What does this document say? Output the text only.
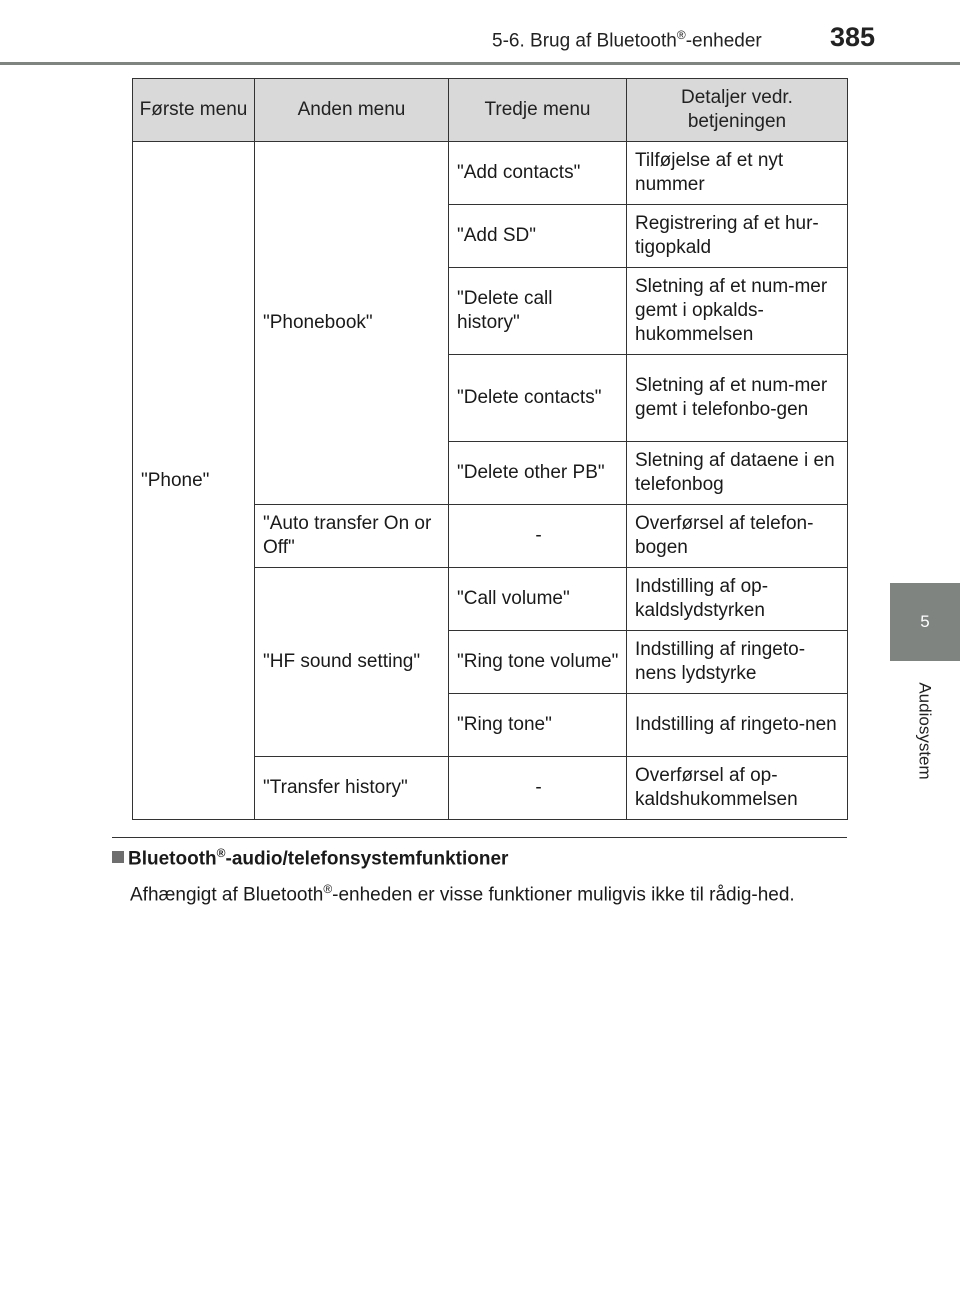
5-6. Brug af Bluetooth®-enheder	385
5
Audiosystem
Første menu	Anden menu	Tredje menu	Detaljer vedr. betjeningen
"Phone"	"Phonebook"	"Add contacts"	Tilføjelse af et nyt nummer
		"Add SD"	Registrering af et hur-tigopkald
		"Delete call history"	Sletning af et num-mer gemt i opkalds-hukommelsen
		"Delete contacts"	Sletning af et num-mer gemt i telefonbo-gen
		"Delete other PB"	Sletning af dataene i en telefonbog
	"Auto transfer On or Off"	-	Overførsel af telefon-bogen
	"HF sound setting"	"Call volume"	Indstilling af op-kaldslydstyrken
		"Ring tone volume"	Indstilling af ringeto-nens lydstyrke
		"Ring tone"	Indstilling af ringeto-nen
	"Transfer history"	-	Overførsel af op-kaldshukommelsen
Bluetooth®-audio/telefonsystemfunktioner
Afhængigt af Bluetooth®-enheden er visse funktioner muligvis ikke til rådig-hed.
